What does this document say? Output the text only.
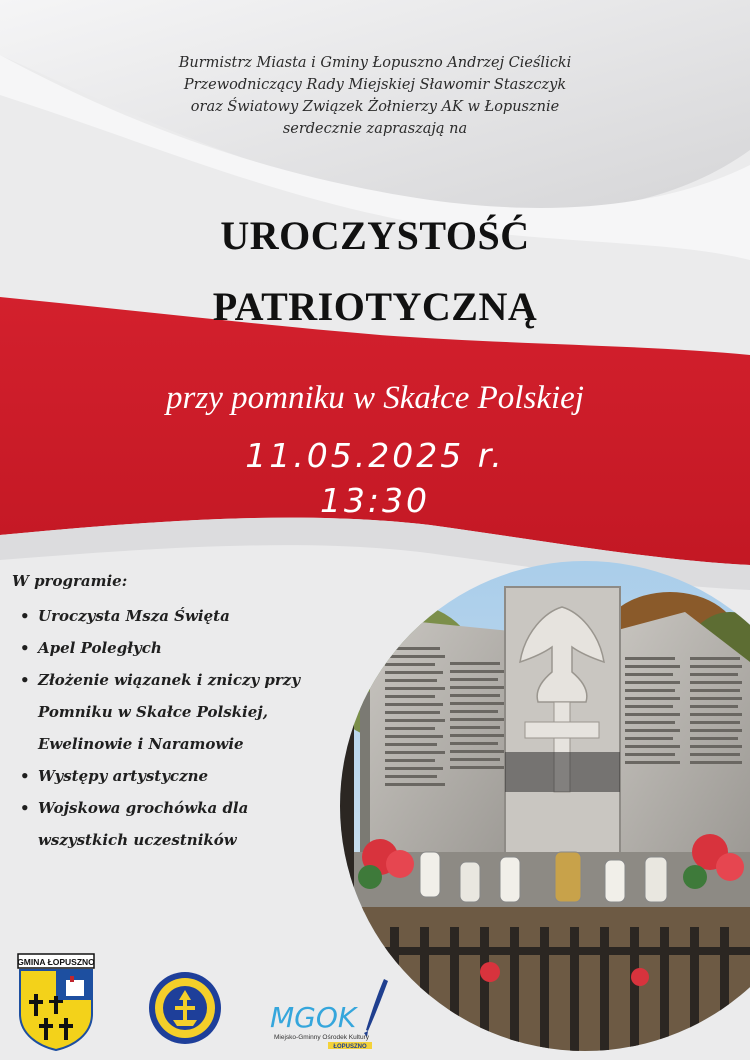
Burmistrz Miasta i Gminy Łopuszno Andrzej Cieślicki
Przewodniczący Rady Miejskiej Sławomir Staszczyk
oraz Światowy Związek Żołnierzy AK w Łopusznie
serdecznie zapraszają na
UROCZYSTOŚĆ
PATRIOTYCZNĄ
przy pomniku w Skałce Polskiej
11.05.2025 r.
13:30
W programie:
• Uroczysta Msza Święta
• Apel Poległych
• Złożenie wiązanek i zniczy przy
Pomniku w Skałce Polskiej,
Ewelinowie i Naramowie
• Występy artystyczne
• Wojskowa grochówka dla
wszystkich uczestników
GMINA ŁOPUSZNO
MGOK
Miejsko-Gminny Ośrodek Kultury
ŁOPUSZNO
